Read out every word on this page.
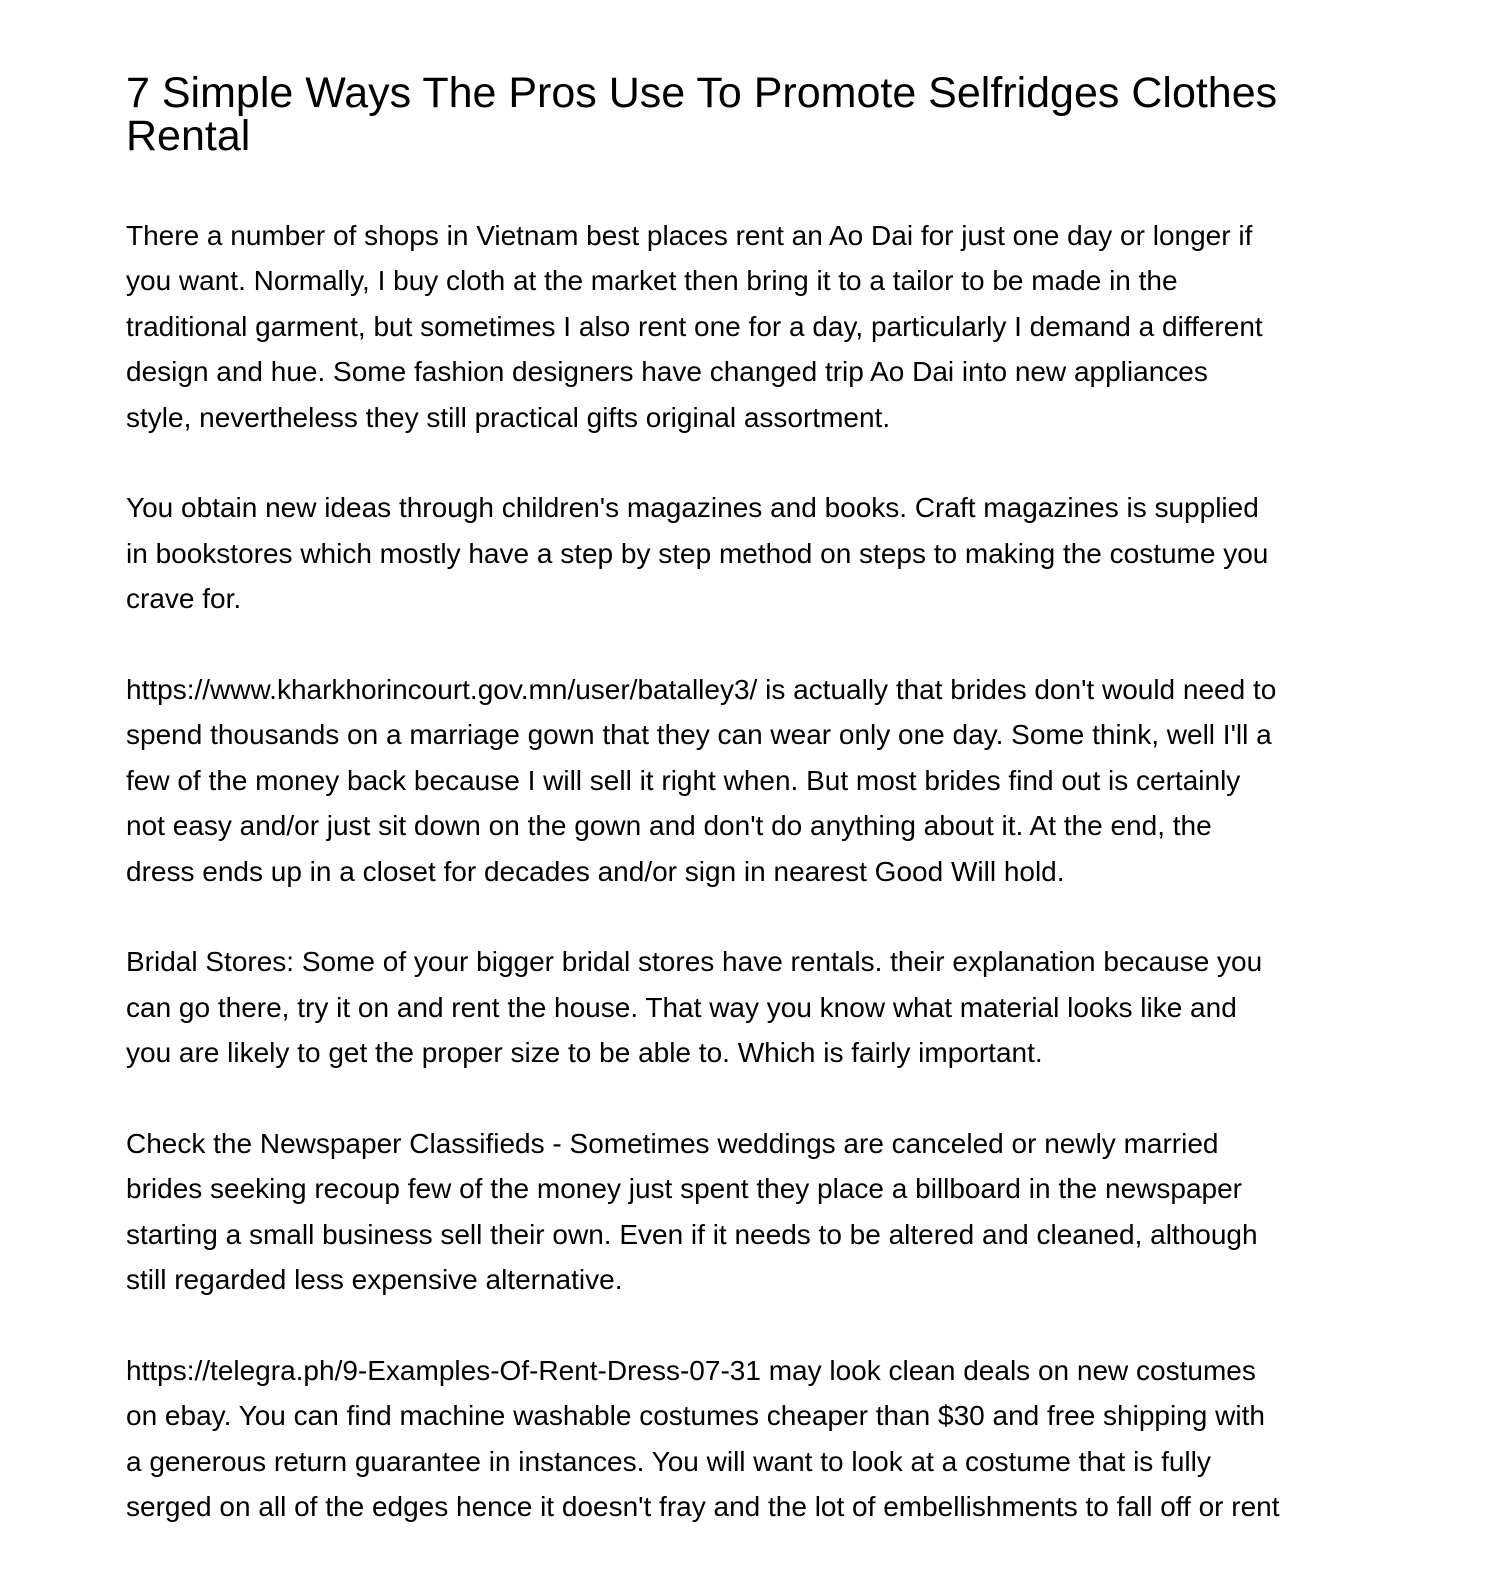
7 Simple Ways The Pros Use To Promote Selfridges Clothes
Rental

There a number of shops in Vietnam best places rent an Ao Dai for just one day or longer if
you want. Normally, I buy cloth at the market then bring it to a tailor to be made in the
traditional garment, but sometimes I also rent one for a day, particularly I demand a different
design and hue. Some fashion designers have changed trip Ao Dai into new appliances
style, nevertheless they still practical gifts original assortment.

You obtain new ideas through children's magazines and books. Craft magazines is supplied
in bookstores which mostly have a step by step method on steps to making the costume you
crave for.

https://www.kharkhorincourt.gov.mn/user/batalley3/ is actually that brides don't would need to
spend thousands on a marriage gown that they can wear only one day. Some think, well I'll a
few of the money back because I will sell it right when. But most brides find out is certainly
not easy and/or just sit down on the gown and don't do anything about it. At the end, the
dress ends up in a closet for decades and/or sign in nearest Good Will hold.

Bridal Stores: Some of your bigger bridal stores have rentals. their explanation because you
can go there, try it on and rent the house. That way you know what material looks like and
you are likely to get the proper size to be able to. Which is fairly important.

Check the Newspaper Classifieds - Sometimes weddings are canceled or newly married
brides seeking recoup few of the money just spent they place a billboard in the newspaper
starting a small business sell their own. Even if it needs to be altered and cleaned, although
still regarded less expensive alternative.

https://telegra.ph/9-Examples-Of-Rent-Dress-07-31 may look clean deals on new costumes
on ebay. You can find machine washable costumes cheaper than $30 and free shipping with
a generous return guarantee in instances. You will want to look at a costume that is fully
serged on all of the edges hence it doesn't fray and the lot of embellishments to fall off or rent
